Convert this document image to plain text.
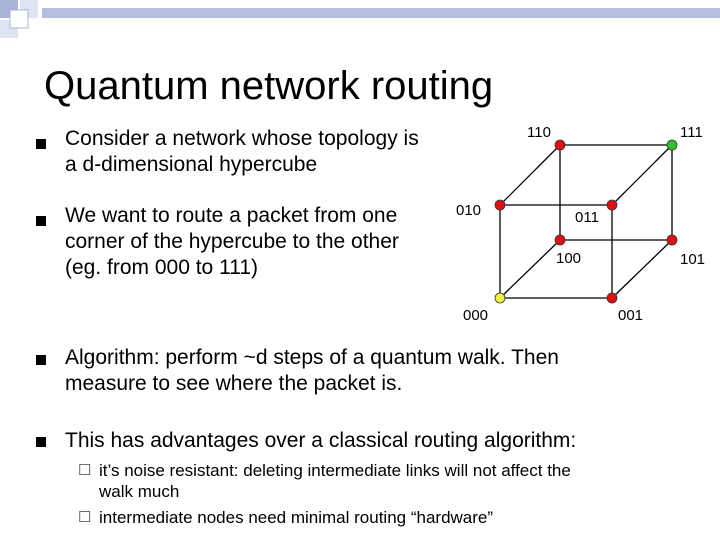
Quantum network routing
Consider a network whose topology is
a d-dimensional hypercube
We want to route a packet from one
corner of the hypercube to the other
(eg. from 000 to 111)
Algorithm: perform ~d steps of a quantum walk. Then
measure to see where the packet is.
This has advantages over a classical routing algorithm:
☐ it’s noise resistant: deleting intermediate links will not affect the
walk much
☐ intermediate nodes need minimal routing “hardware”
110	111
010	011
100	101
000	001
